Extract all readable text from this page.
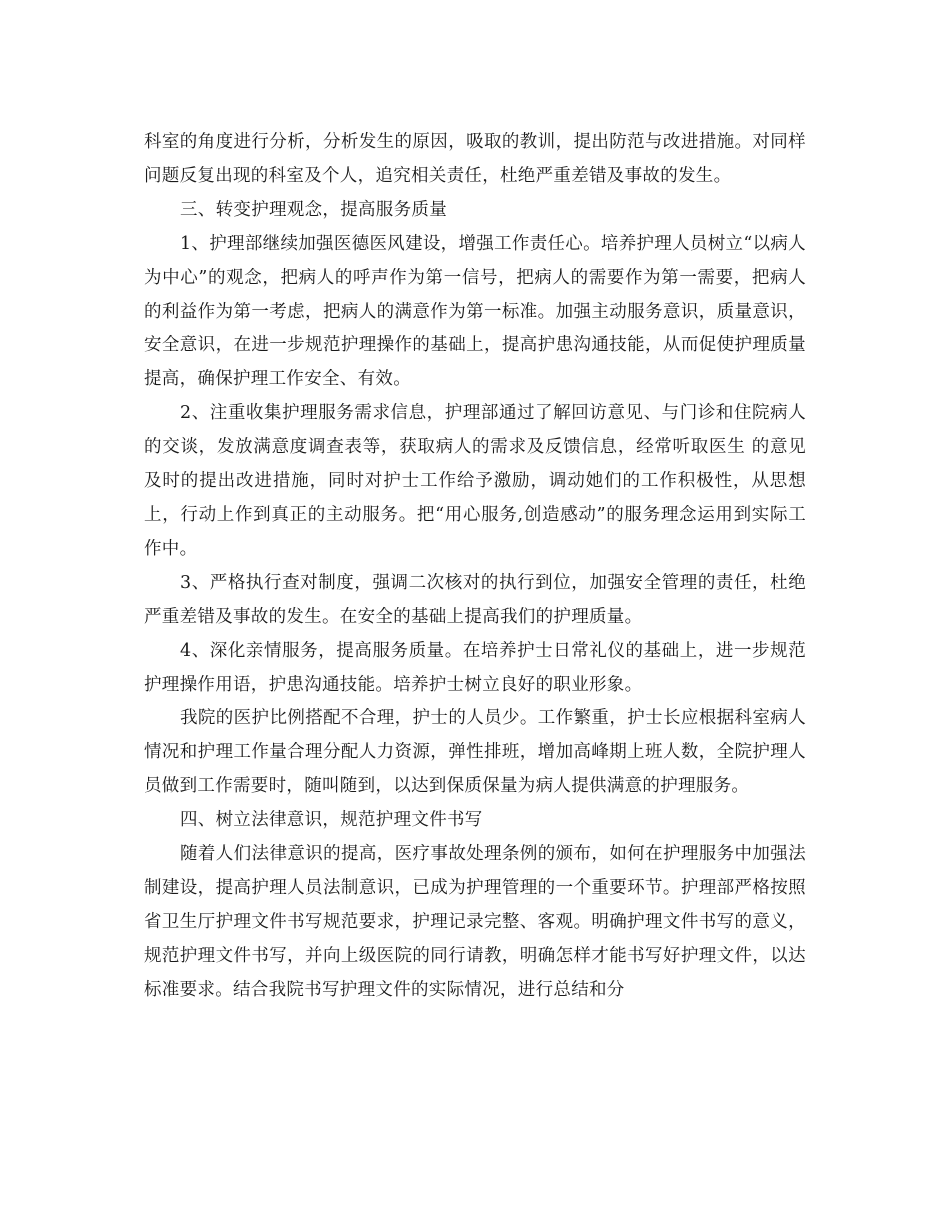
科室的角度进行分析，分析发生的原因，吸取的教训，提出防范与改进措施。对同样问题反复出现的科室及个人，追究相关责任，杜绝严重差错及事故的发生。

三、转变护理观念，提高服务质量

1、护理部继续加强医德医风建设，增强工作责任心。培养护理人员树立“以病人为中心”的观念，把病人的呼声作为第一信号，把病人的需要作为第一需要，把病人的利益作为第一考虑，把病人的满意作为第一标准。加强主动服务意识，质量意识，安全意识，在进一步规范护理操作的基础上，提高护患沟通技能，从而促使护理质量提高，确保护理工作安全、有效。

2、注重收集护理服务需求信息，护理部通过了解回访意见、与门诊和住院病人的交谈，发放满意度调查表等，获取病人的需求及反馈信息，经常听取医生 的意见及时的提出改进措施，同时对护士工作给予激励，调动她们的工作积极性，从思想上，行动上作到真正的主动服务。把“用心服务,创造感动”的服务理念运用到实际工作中。

3、严格执行查对制度，强调二次核对的执行到位，加强安全管理的责任，杜绝严重差错及事故的发生。在安全的基础上提高我们的护理质量。

4、深化亲情服务，提高服务质量。在培养护士日常礼仪的基础上，进一步规范护理操作用语，护患沟通技能。培养护士树立良好的职业形象。

我院的医护比例搭配不合理，护士的人员少。工作繁重，护士长应根据科室病人情况和护理工作量合理分配人力资源，弹性排班，增加高峰期上班人数，全院护理人员做到工作需要时，随叫随到，以达到保质保量为病人提供满意的护理服务。

四、树立法律意识，规范护理文件书写

随着人们法律意识的提高，医疗事故处理条例的颁布，如何在护理服务中加强法制建设，提高护理人员法制意识，已成为护理管理的一个重要环节。护理部严格按照省卫生厅护理文件书写规范要求，护理记录完整、客观。明确护理文件书写的意义，规范护理文件书写，并向上级医院的同行请教，明确怎样才能书写好护理文件，以达标准要求。结合我院书写护理文件的实际情况，进行总结和分
